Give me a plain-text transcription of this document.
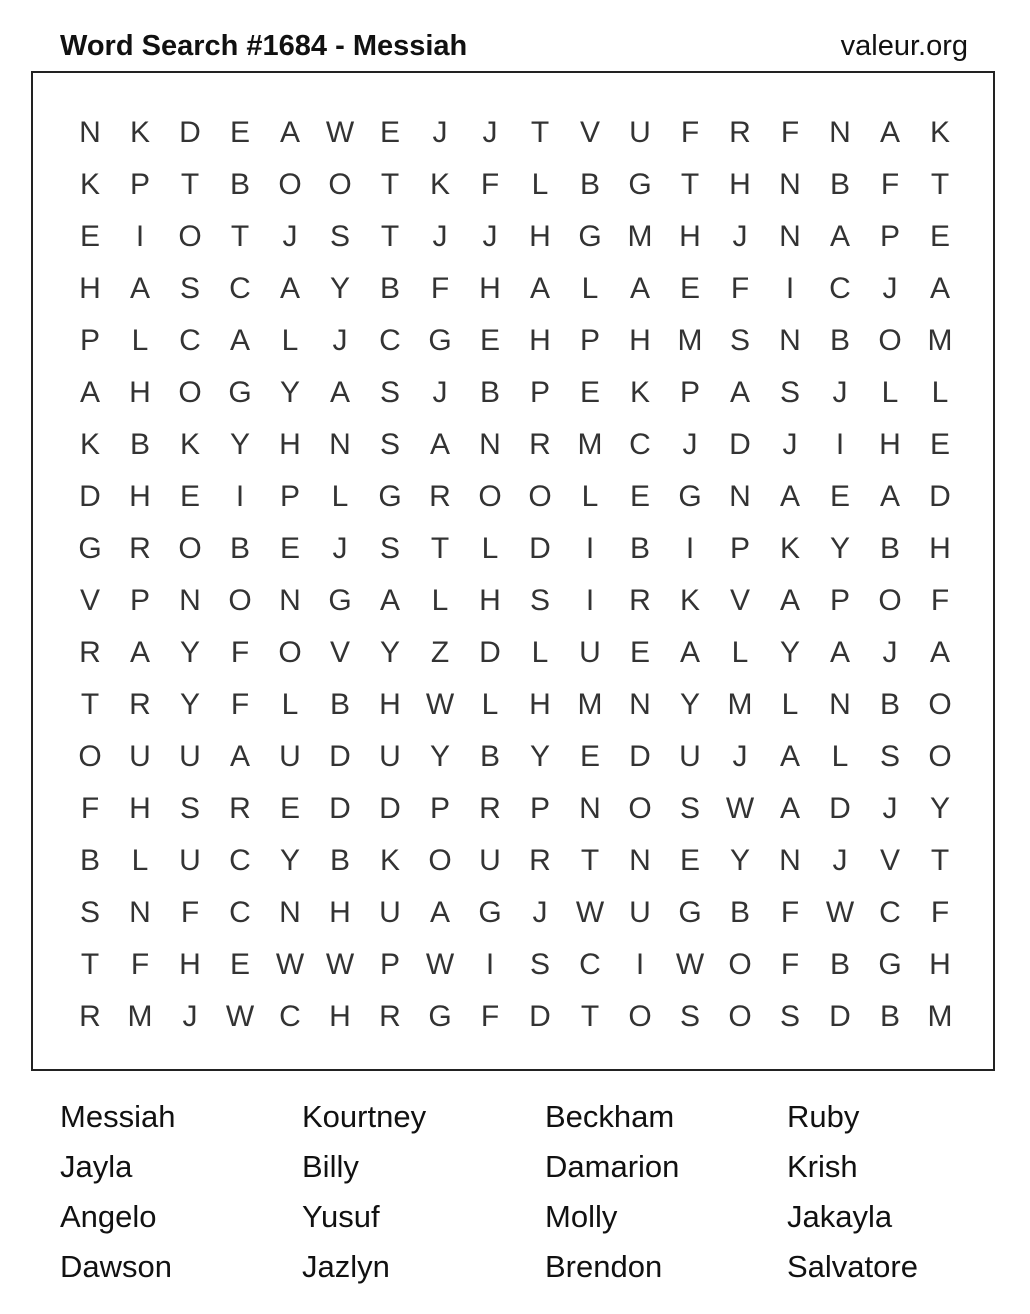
Word Search #1684 - Messiah	valeur.org
N K D E A W E	J	J	T	V U	F	R	F	N A K
K P	T	B O O T	K	F	L	B G T	H N B	F	T
E	I	O T	J	S	T	J	J	H G M H	J	N A P E
H A S C A Y B	F	H A	L	A E	F	I	C	J	A
P	L	C A	L	J	C G E H P H M S N B O M
A H O G Y A S	J	B P E K P A S	J	L	L
K B K Y H N S A N R M C	J	D	J	I	H E
D H E	I	P	L G R O O L	E G N A E A D
G R O B E	J	S	T	L	D	I	B	I	P K Y B H
V P N O N G A	L	H S	I	R K V A P O F
R A Y	F O V Y	Z	D	L	U E A	L	Y A	J	A
T	R Y	F	L	B H W L	H M N Y M L	N B O
O U U A U D U Y B Y E D U	J	A	L	S O
F	H S R E D D P R P N O S W A D	J	Y
B	L	U C Y B K O U R	T	N E Y N	J	V	T
S N	F	C N H U A G	J W U G B	F W C	F
T	F	H E W W P W	I	S C	I	W O F	B G H
R M	J W C H R G F	D	T O S O S D B M
Messiah	Kourtney	Beckham	Ruby
Jayla	Billy	Damarion	Krish
Angelo	Yusuf	Molly	Jakayla
Dawson	Jazlyn	Brendon	Salvatore
